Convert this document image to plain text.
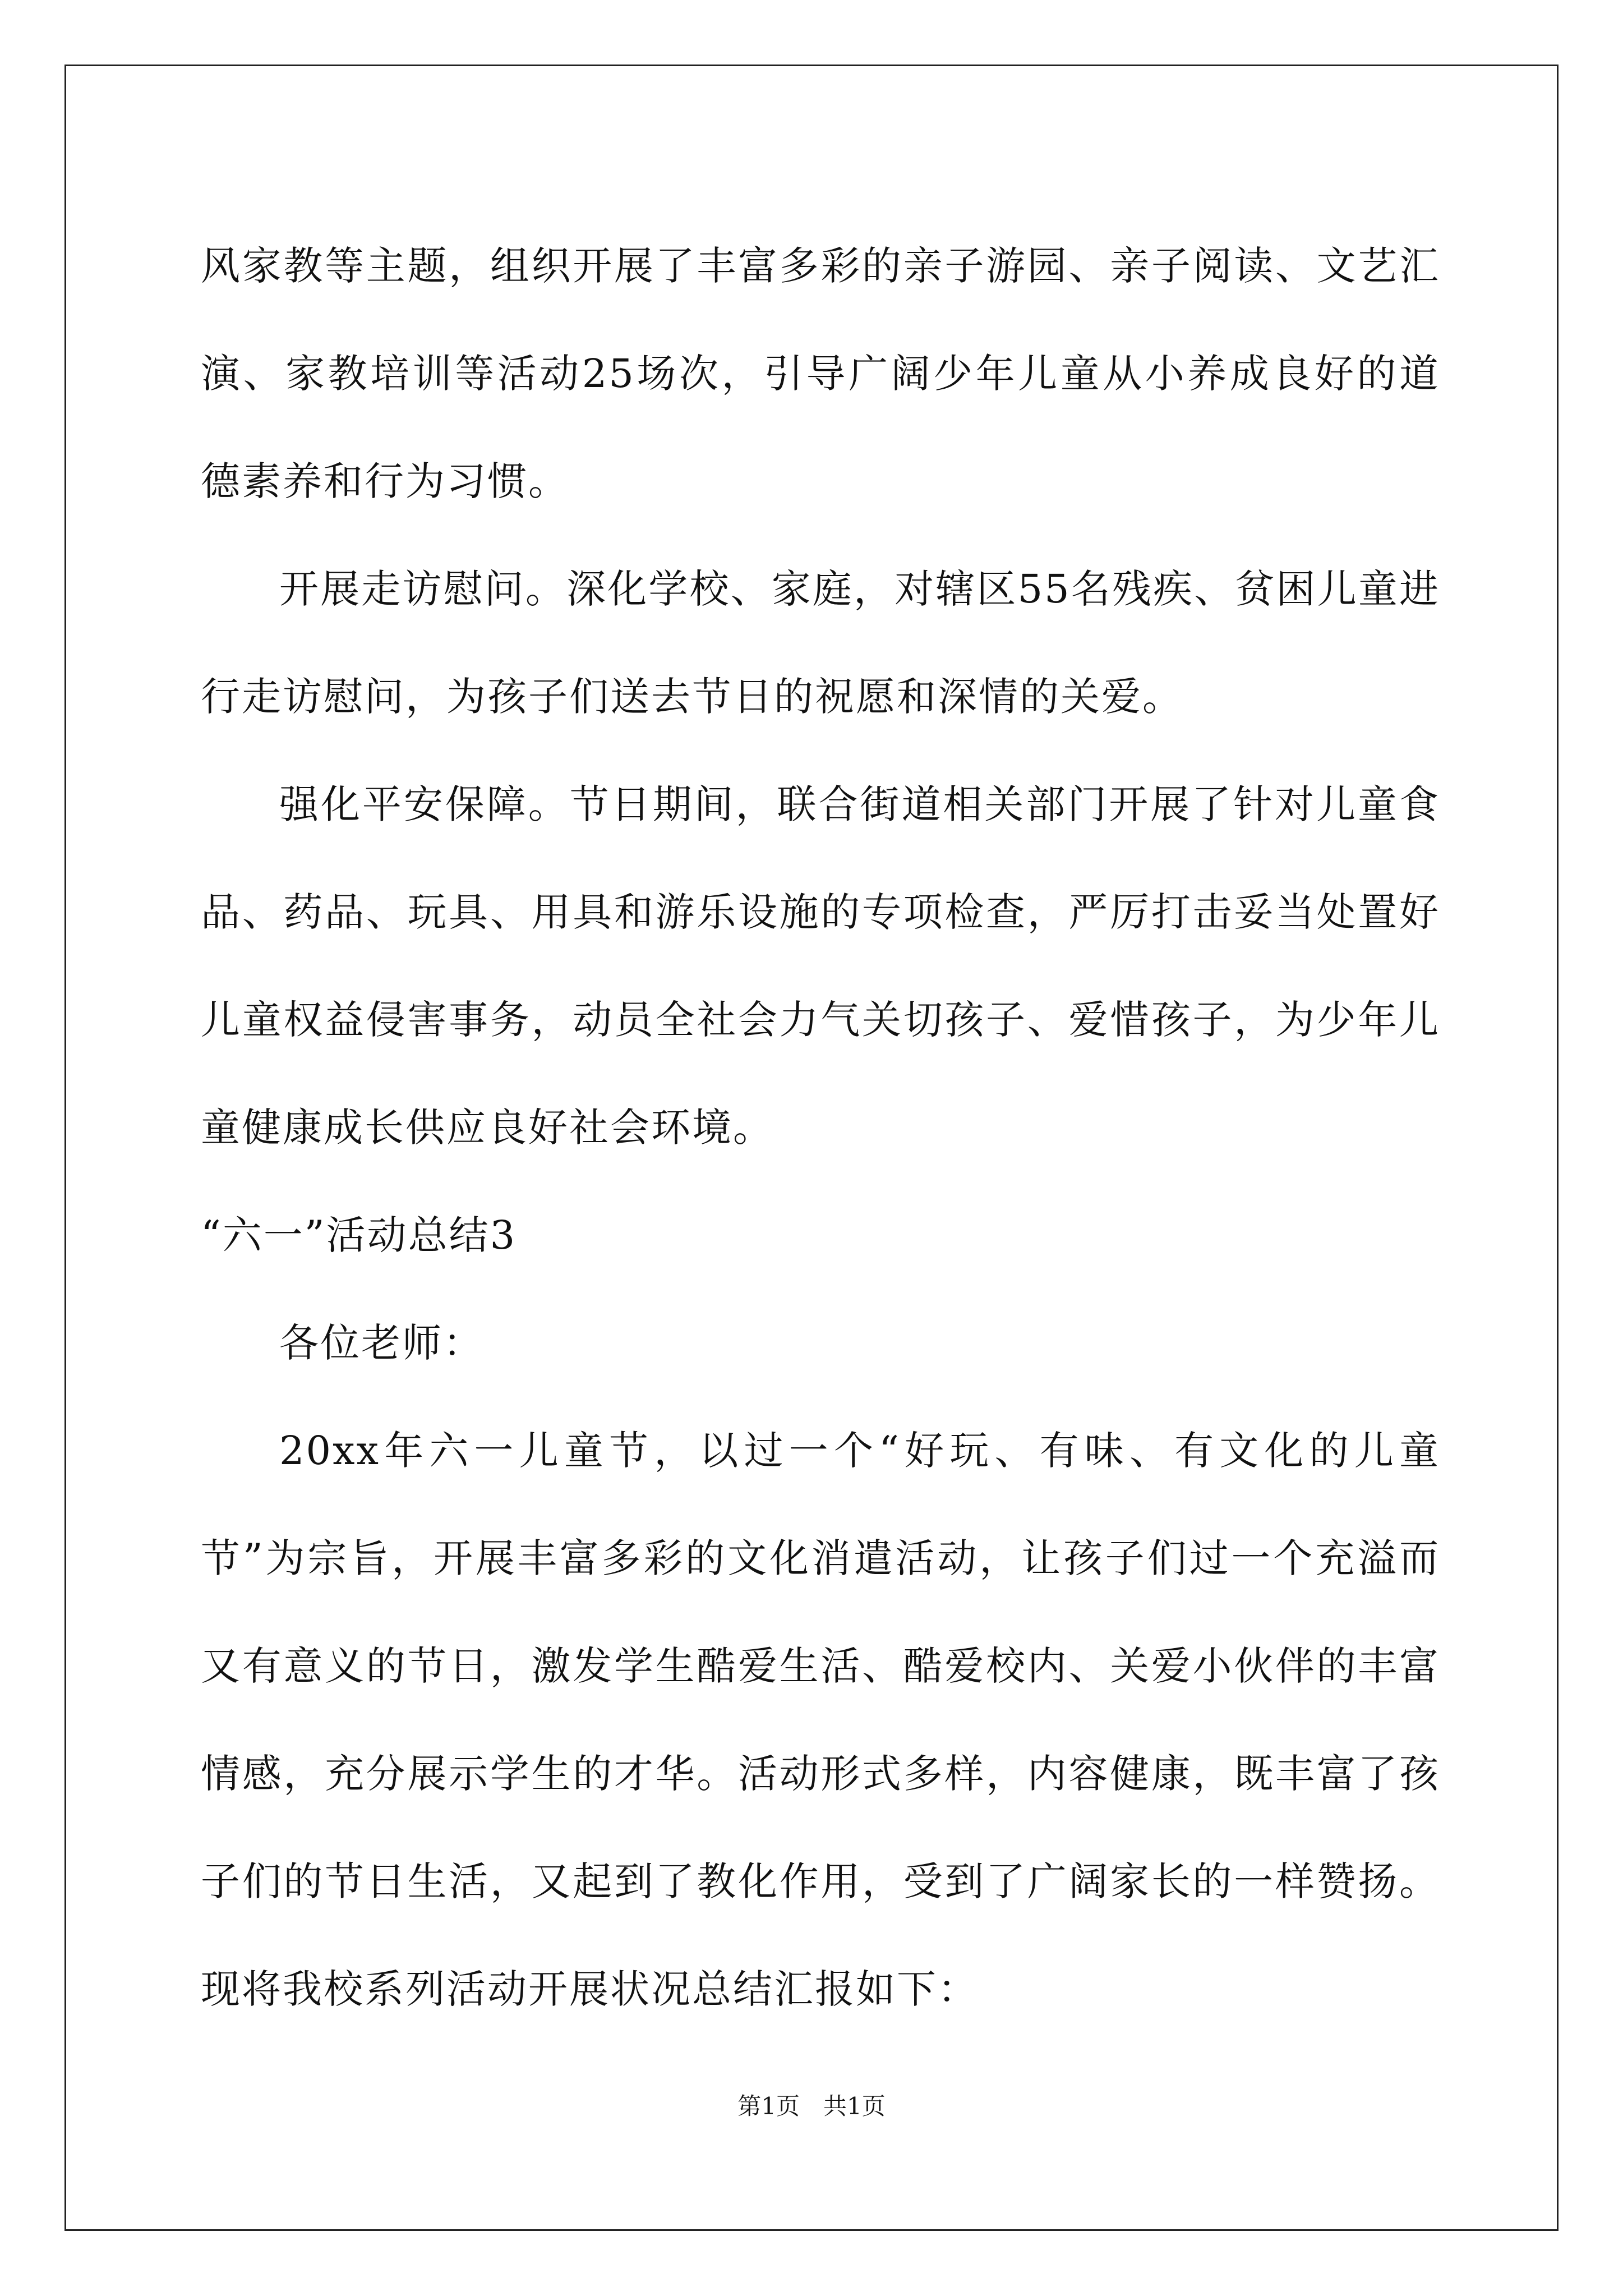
风家教等主题，组织开展了丰富多彩的亲子游园、亲子阅读、文艺汇演、家教培训等活动25场次，引导广阔少年儿童从小养成良好的道德素养和行为习惯。

开展走访慰问。深化学校、家庭，对辖区55名残疾、贫困儿童进行走访慰问，为孩子们送去节日的祝愿和深情的关爱。

强化平安保障。节日期间，联合街道相关部门开展了针对儿童食品、药品、玩具、用具和游乐设施的专项检查，严厉打击妥当处置好儿童权益侵害事务，动员全社会力气关切孩子、爱惜孩子，为少年儿童健康成长供应良好社会环境。

“六一”活动总结3

各位老师：

20xx年六一儿童节，以过一个“好玩、有味、有文化的儿童节”为宗旨，开展丰富多彩的文化消遣活动，让孩子们过一个充溢而又有意义的节日，激发学生酷爱生活、酷爱校内、关爱小伙伴的丰富情感，充分展示学生的才华。活动形式多样，内容健康，既丰富了孩子们的节日生活，又起到了教化作用，受到了广阔家长的一样赞扬。现将我校系列活动开展状况总结汇报如下：

第1页　共1页
